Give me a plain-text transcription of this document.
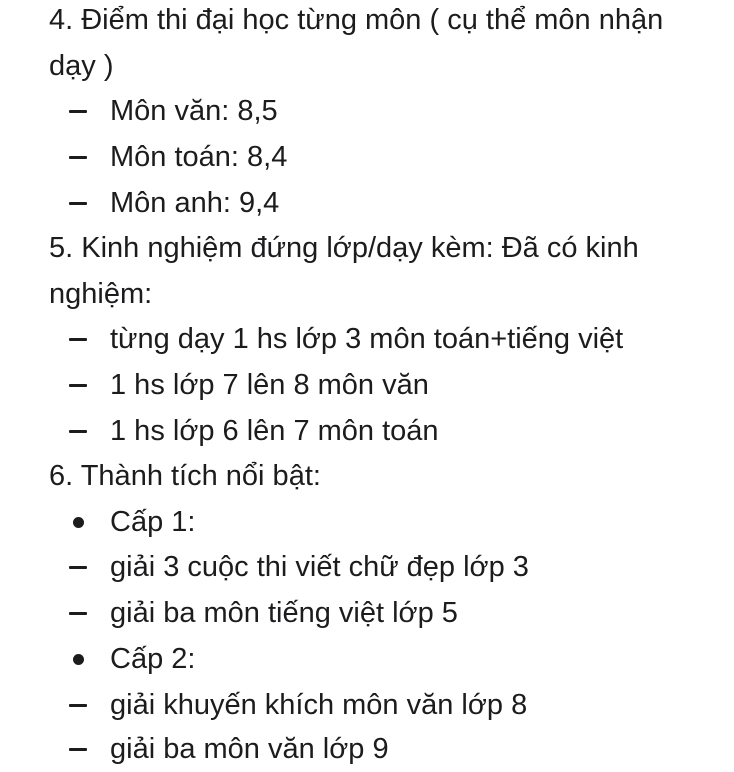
4. Điểm thi đại học từng môn ( cụ thể môn nhận
dạy )
Môn văn: 8,5
Môn toán: 8,4
Môn anh: 9,4
5. Kinh nghiệm đứng lớp/dạy kèm: Đã có kinh
nghiệm:
từng dạy 1 hs lớp 3 môn toán+tiếng việt
1 hs lớp 7 lên 8 môn văn
1 hs lớp 6 lên 7 môn toán
6. Thành tích nổi bật:
Cấp 1:
giải 3 cuộc thi viết chữ đẹp lớp 3
giải ba môn tiếng việt lớp 5
Cấp 2:
giải khuyến khích môn văn lớp 8
giải ba môn văn lớp 9
